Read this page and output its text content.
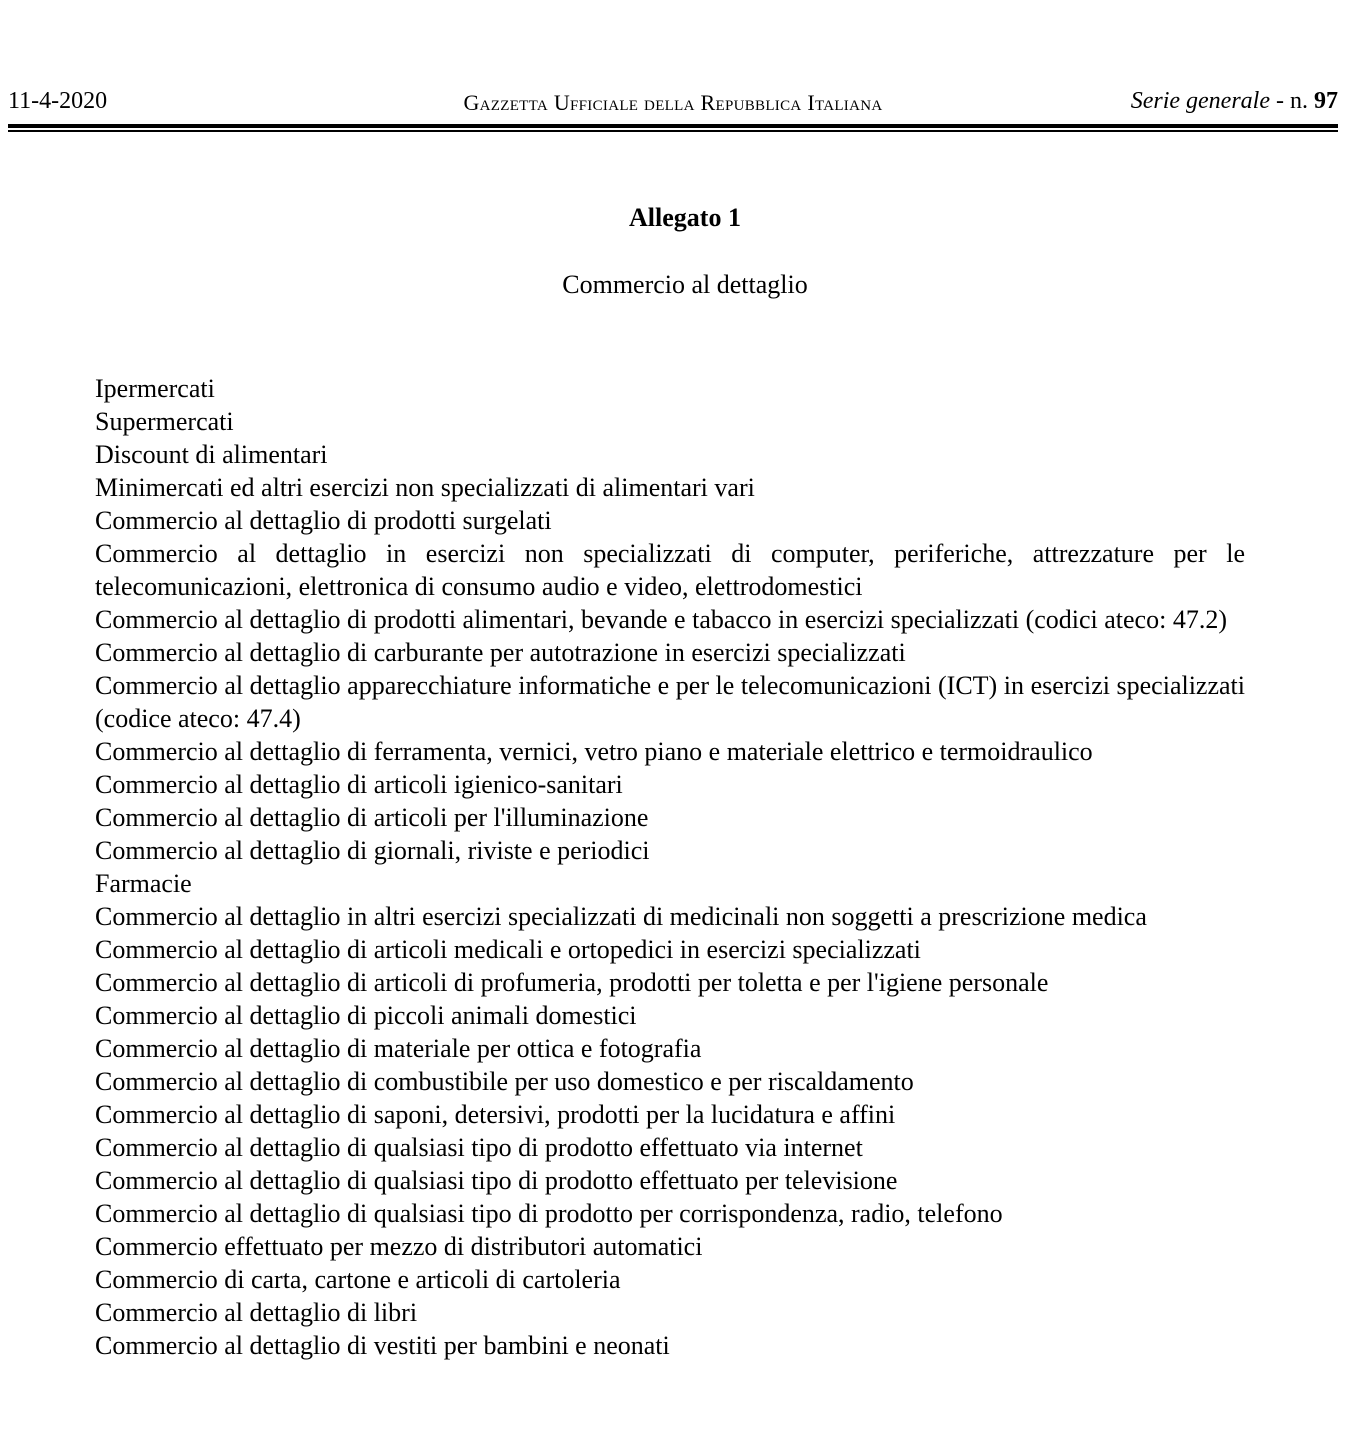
11-4-2020	Gazzetta Ufficiale della Repubblica Italiana	Serie generale - n. 97
Allegato 1
Commercio al dettaglio
Ipermercati
Supermercati
Discount di alimentari
Minimercati ed altri esercizi non specializzati di alimentari vari
Commercio al dettaglio di prodotti surgelati
Commercio al dettaglio in esercizi non specializzati di computer, periferiche, attrezzature per le telecomunicazioni, elettronica di consumo audio e video, elettrodomestici
Commercio al dettaglio di prodotti alimentari, bevande e tabacco in esercizi specializzati (codici ateco: 47.2)
Commercio al dettaglio di carburante per autotrazione in esercizi specializzati
Commercio al dettaglio apparecchiature informatiche e per le telecomunicazioni (ICT) in esercizi specializzati (codice ateco: 47.4)
Commercio al dettaglio di ferramenta, vernici, vetro piano e materiale elettrico e termoidraulico
Commercio al dettaglio di articoli igienico-sanitari
Commercio al dettaglio di articoli per l'illuminazione
Commercio al dettaglio di giornali, riviste e periodici
Farmacie
Commercio al dettaglio in altri esercizi specializzati di medicinali non soggetti a prescrizione medica
Commercio al dettaglio di articoli medicali e ortopedici in esercizi specializzati
Commercio al dettaglio di articoli di profumeria, prodotti per toletta e per l'igiene personale
Commercio al dettaglio di piccoli animali domestici
Commercio al dettaglio di materiale per ottica e fotografia
Commercio al dettaglio di combustibile per uso domestico e per riscaldamento
Commercio al dettaglio di saponi, detersivi, prodotti per la lucidatura e affini
Commercio al dettaglio di qualsiasi tipo di prodotto effettuato via internet
Commercio al dettaglio di qualsiasi tipo di prodotto effettuato per televisione
Commercio al dettaglio di qualsiasi tipo di prodotto per corrispondenza, radio, telefono
Commercio effettuato per mezzo di distributori automatici
Commercio di carta, cartone e articoli di cartoleria
Commercio al dettaglio di libri
Commercio al dettaglio di vestiti per bambini e neonati
